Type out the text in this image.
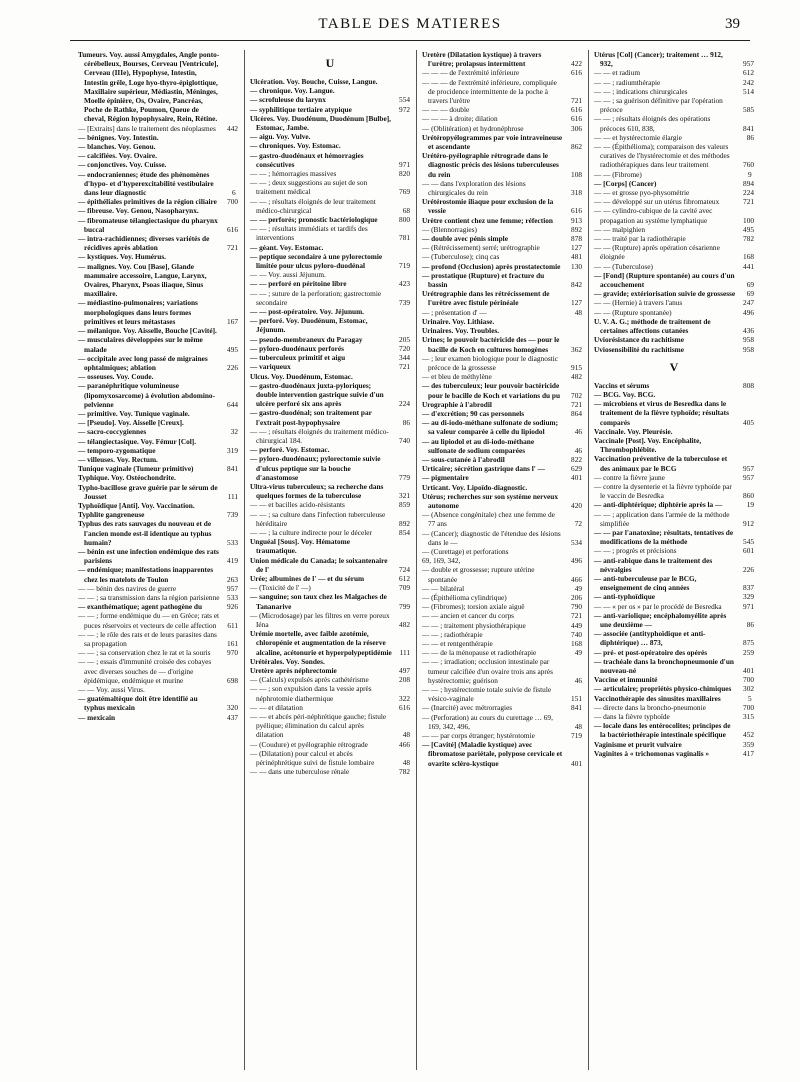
TABLE DES MATIERES	39
Tumeurs. Voy. aussi Amygdales, Angle ponto-cérébelleux, Bourses, Cerveau [Ventricule], Cerveau (IIIe), Hypophyse, Intestin, Intestin grêle, Loge hyo-thyro-épiglottique, Maxillaire supérieur, Médiastin, Méninges, Moelle épinière, Os, Ovaire, Pancréas, Poche de Rathke, Poumon, Queue de cheval, Région hypophysaire, Rein, Rétine.
— [Extraits] dans le traitement des néoplasmes 442
— bénignes. Voy. Intestin.
— blanches. Voy. Genou.
— calcifiées. Voy. Ovaire.
— conjonctives. Voy. Cuisse.
— endocraniennes; étude des phénomènes d'hypo- et d'hyperexcitabilité vestibulaire dans leur diagnostic	6
— épithéliales primitives de la région ciliaire 700
— fibreuse. Voy. Genou, Nasopharynx.
— fibromateuse télangiectasique du pharynx buccal	616
— intra-rachidiennes; diverses variétés de récidives après ablation	721
— kystiques. Voy. Humérus.
— malignes. Voy. Cou [Base], Glande mammaire accessoire, Langue, Larynx, Ovaires, Pharynx, Psoas iliaque, Sinus maxillaire.
— médiastino-pulmonaires; variations morphologiques dans leurs formes primitives et leurs métastases	167
— mélanique. Voy. Aisselle, Bouche [Cavité].
— musculaires développées sur le même malade	495
— occipitale avec long passé de migraines ophtalmiques; ablation	226
— osseuses. Voy. Coude.
— paranéphritique volumineuse (lipomyxosarcome) à évolution abdomino-pelvienne	644
— primitive. Voy. Tunique vaginale.
— [Pseudo]. Voy. Aisselle [Creux].
— sacro-coccygiennes	32
— télangiectasique. Voy. Fémur [Col].
— temporo-zygomatique	319
— villeuses. Voy. Rectum.
Tunique vaginale (Tumeur primitive)	841
Typhique. Voy. Ostéochondrite.
Typho-bacillose grave guérie par le sérum de Jousset	111
Typhoïdique [Anti]. Voy. Vaccination.
Typhlite gangreneuse	739
Typhus des rats sauvages du nouveau et de l'ancien monde est-il identique au typhus humain?	533
— bénin est une infection endémique des rats parisiens	419
— endémique; manifestations inapparentes chez les matelots de Toulon	263
— — bénin des navires de guerre	957
— — ; sa transmission dans la région parisienne 533
— exanthématique; agent pathogène du	926
— — ; forme endémique du — en Grèce; rats et puces réservoirs et vecteurs de celle affection 611
— — ; le rôle des rats et de leurs parasites dans sa propagation	161
— — ; sa conservation chez le rat et la souris 970
— — ; essais d'immunité croisée des cobayes avec diverses souches de — d'origine épidémique, endémique et murine	698
— — Voy. aussi Virus.
— guatémaltèque doit être identifié au typhus mexicain	320
— mexicain	437
U
Ulcération. Voy. Bouche, Cuisse, Langue.
— chronique. Voy. Langue.
— scrofuleuse du larynx	554
— syphilitique tertiaire atypique	972
Ulcères. Voy. Duodénum, Duodénum [Bulbe], Estomac, Jambe.
— aigu. Voy. Vulve.
— chroniques. Voy. Estomac.
— gastro-duodénaux et hémorragies consécutives	971
— — ; hémorragies massives	820
— — ; deux suggestions au sujet de son traitement médical	769
— — ; résultats éloignés de leur traitement médico-chirurgical	68
— — perforés; pronostic bactériologique	800
— — ; résultats immédiats et tardifs des interventions	781
— géant. Voy. Estomac.
— peptique secondaire à une pylorectomie limitée pour ulcus pyloro-duodénal	719
— — Voy. aussi Jéjunum.
— — perforé en péritoine libre	423
— — ; suture de la perforation; gastrectomie secondaire	739
— — post-opératoire. Voy. Jéjunum.
— perforé. Voy. Duodénum, Estomac, Jéjunum.
— pseudo-membraneux du Paragay	205
— pyloro-duodénaux perforés	720
— tuberculeux primitif et aigu	344
— variqueux	721
Ulcus. Voy. Duodénum, Estomac.
— gastro-duodénaux juxta-pyloriques; double intervention gastrique suivie d'un ulcère perforé six ans après	224
— gastro-duodénal; son traitement par l'extrait post-hypophysaire	86
— — ; résultats éloignés du traitement médico-chirurgical 184.	740
— perforé. Voy. Estomac.
— pyloro-duodénaux; pylorectomie suivie d'ulcus peptique sur la bouche d'anastomose	779
Ultra-virus tuberculeux; sa recherche dans quelques formes de la tuberculose	321
— — et bacilles acido-résistants	859
— — ; sa culture dans l'infection tuberculeuse héréditaire	892
— — ; la culture indirecte pour le déceler	854
Unguéal [Sous]. Voy. Hématome traumatique.
Union médicale du Canada; le soixantenaire de l'	724
Urée; albumines de l' — et du sérum	612
— (Toxicité de l' —)	709
— sanguine; son taux chez les Malgaches de Tananarive	799
— (Microdosage) par les filtres en verre poreux Iéna	482
Urémie mortelle, avec faible azotémie, chloropénie et augmentation de la réserve alcaline, acétonurie et hyperpolypeptidémie 111
Urétérales. Voy. Sondes.
Uretère après néphrectomie	497
— (Calculs) expulsés après cathétérisme	208
— — ; son expulsion dans la vessie après néphrotomie diathermique	322
— — et dilatation	616
— — et abcès péri-néphrétique gauche; fistule pyélique; élimination du calcul après dilatation	48
— (Coudure) et pyélographie rétrograde	466
— (Dilatation) pour calcul et abcès périnéphrétique suivi de fistule lombaire	48
— — dans une tuberculose rénale	782
Uretère (Dilatation kystique) à travers l'urètre; prolapsus intermittent	422
— — — de l'extrémité inférieure	616
— — — de l'extrémité inférieure, compliquée de procidence intermittente de la poche à travers l'urètre	721
— — — double	616
— — — à droite; dilation	616
— (Oblitération) et hydronéphrose	306
Urétéropyélogrammes par voie intraveineuse et ascendante	862
Urétéro-pyélographie rétrograde dans le diagnostic précis des lésions tuberculeuses du rein	108
— — dans l'exploration des lésions chirurgicales du rein	318
Urétérostomie iliaque pour exclusion de la vessie	616
Urètre contient chez une femme; réfection 913
— (Blennorragies)	892
— double avec pénis simple	878
— (Rétrécissement) serré; urétrographie	127
— (Tuberculose); cinq cas	481
— profond (Occlusion) après prostatectomie 130
— prostatique (Rupture) et fracture du bassin	842
Urétrographie dans les rétrécissement de l'urètre avec fistule périnéale	127
— ; présentation d' —	48
Urinaire. Voy. Lithiase.
Urinaires. Voy. Troubles.
Urines; le pouvoir bactéricide des — pour le bacille de Koch en cultures homogènes	362
— ; leur examen biologique pour le diagnostic précoce de la grossesse	915
— et bleu de méthylène	482
— des tuberculeux; leur pouvoir bactéricide pour le bacille de Koch et variations du pu 702
Urographie à l'abrodil	721
— d'excrétion; 90 cas personnels	864
— au di-iodo-méthane sulfonate de sodium; sa valeur comparée à celle du lipiodol	46
— au lipiodol et au di-iodo-méthane sulfonate de sodium comparées	46
— sous-cutanée à l'abrodil	822
Urticaire; sécrétion gastrique dans l' —	629
— pigmentaire	401
Urticant. Voy. Lipoïdo-diagnostic.
Utérus; recherches sur son système nerveux autonome	420
— (Absence congénitale) chez une femme de 77 ans	72
— (Cancer); diagnostic de l'étendue des lésions dans le —	534
— (Curettage) et perforations
69, 169, 342,	496
— double et grossesse; rupture utérine spontanée	466
— — bilatéral	49
— (Épithélioma cylindrique)	206
— (Fibromes); torsion axiale aiguë	790
— — ancien et cancer du corps	721
— — ; traitement physiothérapique	449
— — ; radiothérapie	740
— — et rentgenthérapie	168
— — de la ménopause et radiothérapie	49
— — ; irradiation; occlusion intestinale par tumeur calcifiée d'un ovaire trois ans après hystérectomie; guérison	46
— — ; hystérectomie totale suivie de fistule vésico-vaginale	151
— (Inarcité) avec métrorragies	841
— (Perforation) au cours du curettage … 69, 169, 342, 496,	48
— — par corps étranger; hystérotomie	719
— [Cavité] (Maladie kystique) avec fibromatose pariétale, polypose cervicale et ovarite scléro-kystique	401
Utérus [Col] (Cancer); traitement … 912, 932,	957
— — et radium	612
— — ; radiumthérapie	242
— — ; indications chirurgicales	514
— — ; sa guérison définitive par l'opération précoce	585
— — ; résultats éloignés des opérations précoces 610, 838,	841
— — et hystérectomie élargie	86
— — (Épithélioma); comparaison des valeurs curatives de l'hystérectomie et des méthodes radiothérapiques dans leur traitement	760
— — (Fibrome)	9
— [Corps] (Cancer)	894
— — et grosse pyo-physométrie	224
— — développé sur un utérus fibromateux	721
— — cylindro-cubique de la cavité avec propagation au système lymphatique	100
— — malpighien	495
— — traité par la radiothérapie	782
— — (Rupture) après opération césarienne éloignée	168
— — (Tuberculose)	441
— [Fond] (Rupture spontanée) au cours d'un accouchement	69
— gravide; extériorisation suivie de grossesse 69
— — (Hernie) à travers l'anus	247
— — (Rupture spontanée)	496
U. V. A. G.; méthode de traitement de certaines affections cutanées	436
Uviorésistance du rachitisme	958
Uviosensibilité du rachitisme	958
V
Vaccins et sérums	808
— BCG. Voy. BCG.
— microbiens et virus de Besredka dans le traitement de la fièvre typhoïde; résultats comparés	405
Vaccinale. Voy. Pleurésie.
Vaccinale [Post]. Voy. Encéphalite, Thrombophlébite.
Vaccination préventive de la tuberculose et des animaux par le BCG	957
— contre la fièvre jaune	957
— contre la dysenterie et la fièvre typhoïde par le vaccin de Besredka	860
— anti-diphtérique; diphtérie après la —	19
— — ; application dans l'armée de la méthode simplifiée	912
— — par l'anatoxine; résultats, tentatives de modifications de la méthode	545
— — ; progrès et précisions	601
— anti-rabique dans le traitement des névralgies	226
— anti-tuberculeuse par le BCG, enseignement de cinq années	837
— anti-typhoïdique	329
— — « per os » par le procédé de Besredka	971
— anti-variolique; encéphalomyélite après une deuxième —	86
— associée (antityphoïdique et anti-diphtérique) … 873,	875
— pré- et post-opératoire des opérés	259
— trachéale dans la bronchopneumonie d'un nouveau-né	401
Vaccine et immunité	700
— articulaire; propriétés physico-chimiques 302
Vaccinothérapie des sinusites maxillaires	5
— directe dans la broncho-pneumonie	700
— dans la fièvre typhoïde	315
— locale dans les entérocolites; principes de la bactériothérapie intestinale spécifique 452
Vaginisme et prurit vulvaire	359
Vaginites à « trichomonas vaginalis »	417
